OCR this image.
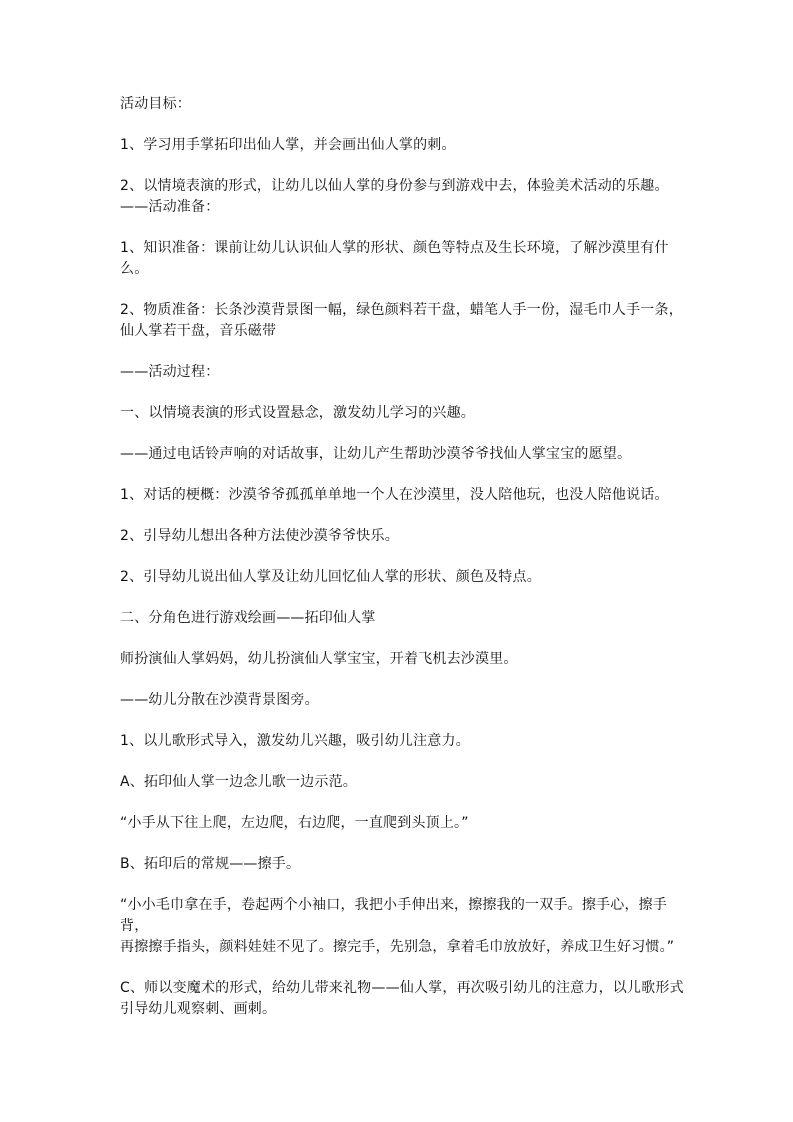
活动目标：
1、学习用手掌拓印出仙人掌，并会画出仙人掌的刺。
2、以情境表演的形式，让幼儿以仙人掌的身份参与到游戏中去，体验美术活动的乐趣。
——活动准备：
1、知识准备：课前让幼儿认识仙人掌的形状、颜色等特点及生长环境，了解沙漠里有什么。
2、物质准备：长条沙漠背景图一幅，绿色颜料若干盘，蜡笔人手一份，湿毛巾人手一条，
仙人掌若干盘，音乐磁带
——活动过程：
一、以情境表演的形式设置悬念，激发幼儿学习的兴趣。
——通过电话铃声响的对话故事，让幼儿产生帮助沙漠爷爷找仙人掌宝宝的愿望。
1、对话的梗概：沙漠爷爷孤孤单单地一个人在沙漠里，没人陪他玩，也没人陪他说话。
2、引导幼儿想出各种方法使沙漠爷爷快乐。
2、引导幼儿说出仙人掌及让幼儿回忆仙人掌的形状、颜色及特点。
二、分角色进行游戏绘画——拓印仙人掌
师扮演仙人掌妈妈，幼儿扮演仙人掌宝宝，开着飞机去沙漠里。
——幼儿分散在沙漠背景图旁。
1、以儿歌形式导入，激发幼儿兴趣，吸引幼儿注意力。
A、拓印仙人掌一边念儿歌一边示范。
“小手从下往上爬，左边爬，右边爬，一直爬到头顶上。”
B、拓印后的常规——擦手。
“小小毛巾拿在手，卷起两个小袖口，我把小手伸出来，擦擦我的一双手。擦手心，擦手背，
再擦擦手指头，颜料娃娃不见了。擦完手，先别急，拿着毛巾放放好，养成卫生好习惯。”
C、师以变魔术的形式，给幼儿带来礼物——仙人掌，再次吸引幼儿的注意力，以儿歌形式
引导幼儿观察刺、画刺。
